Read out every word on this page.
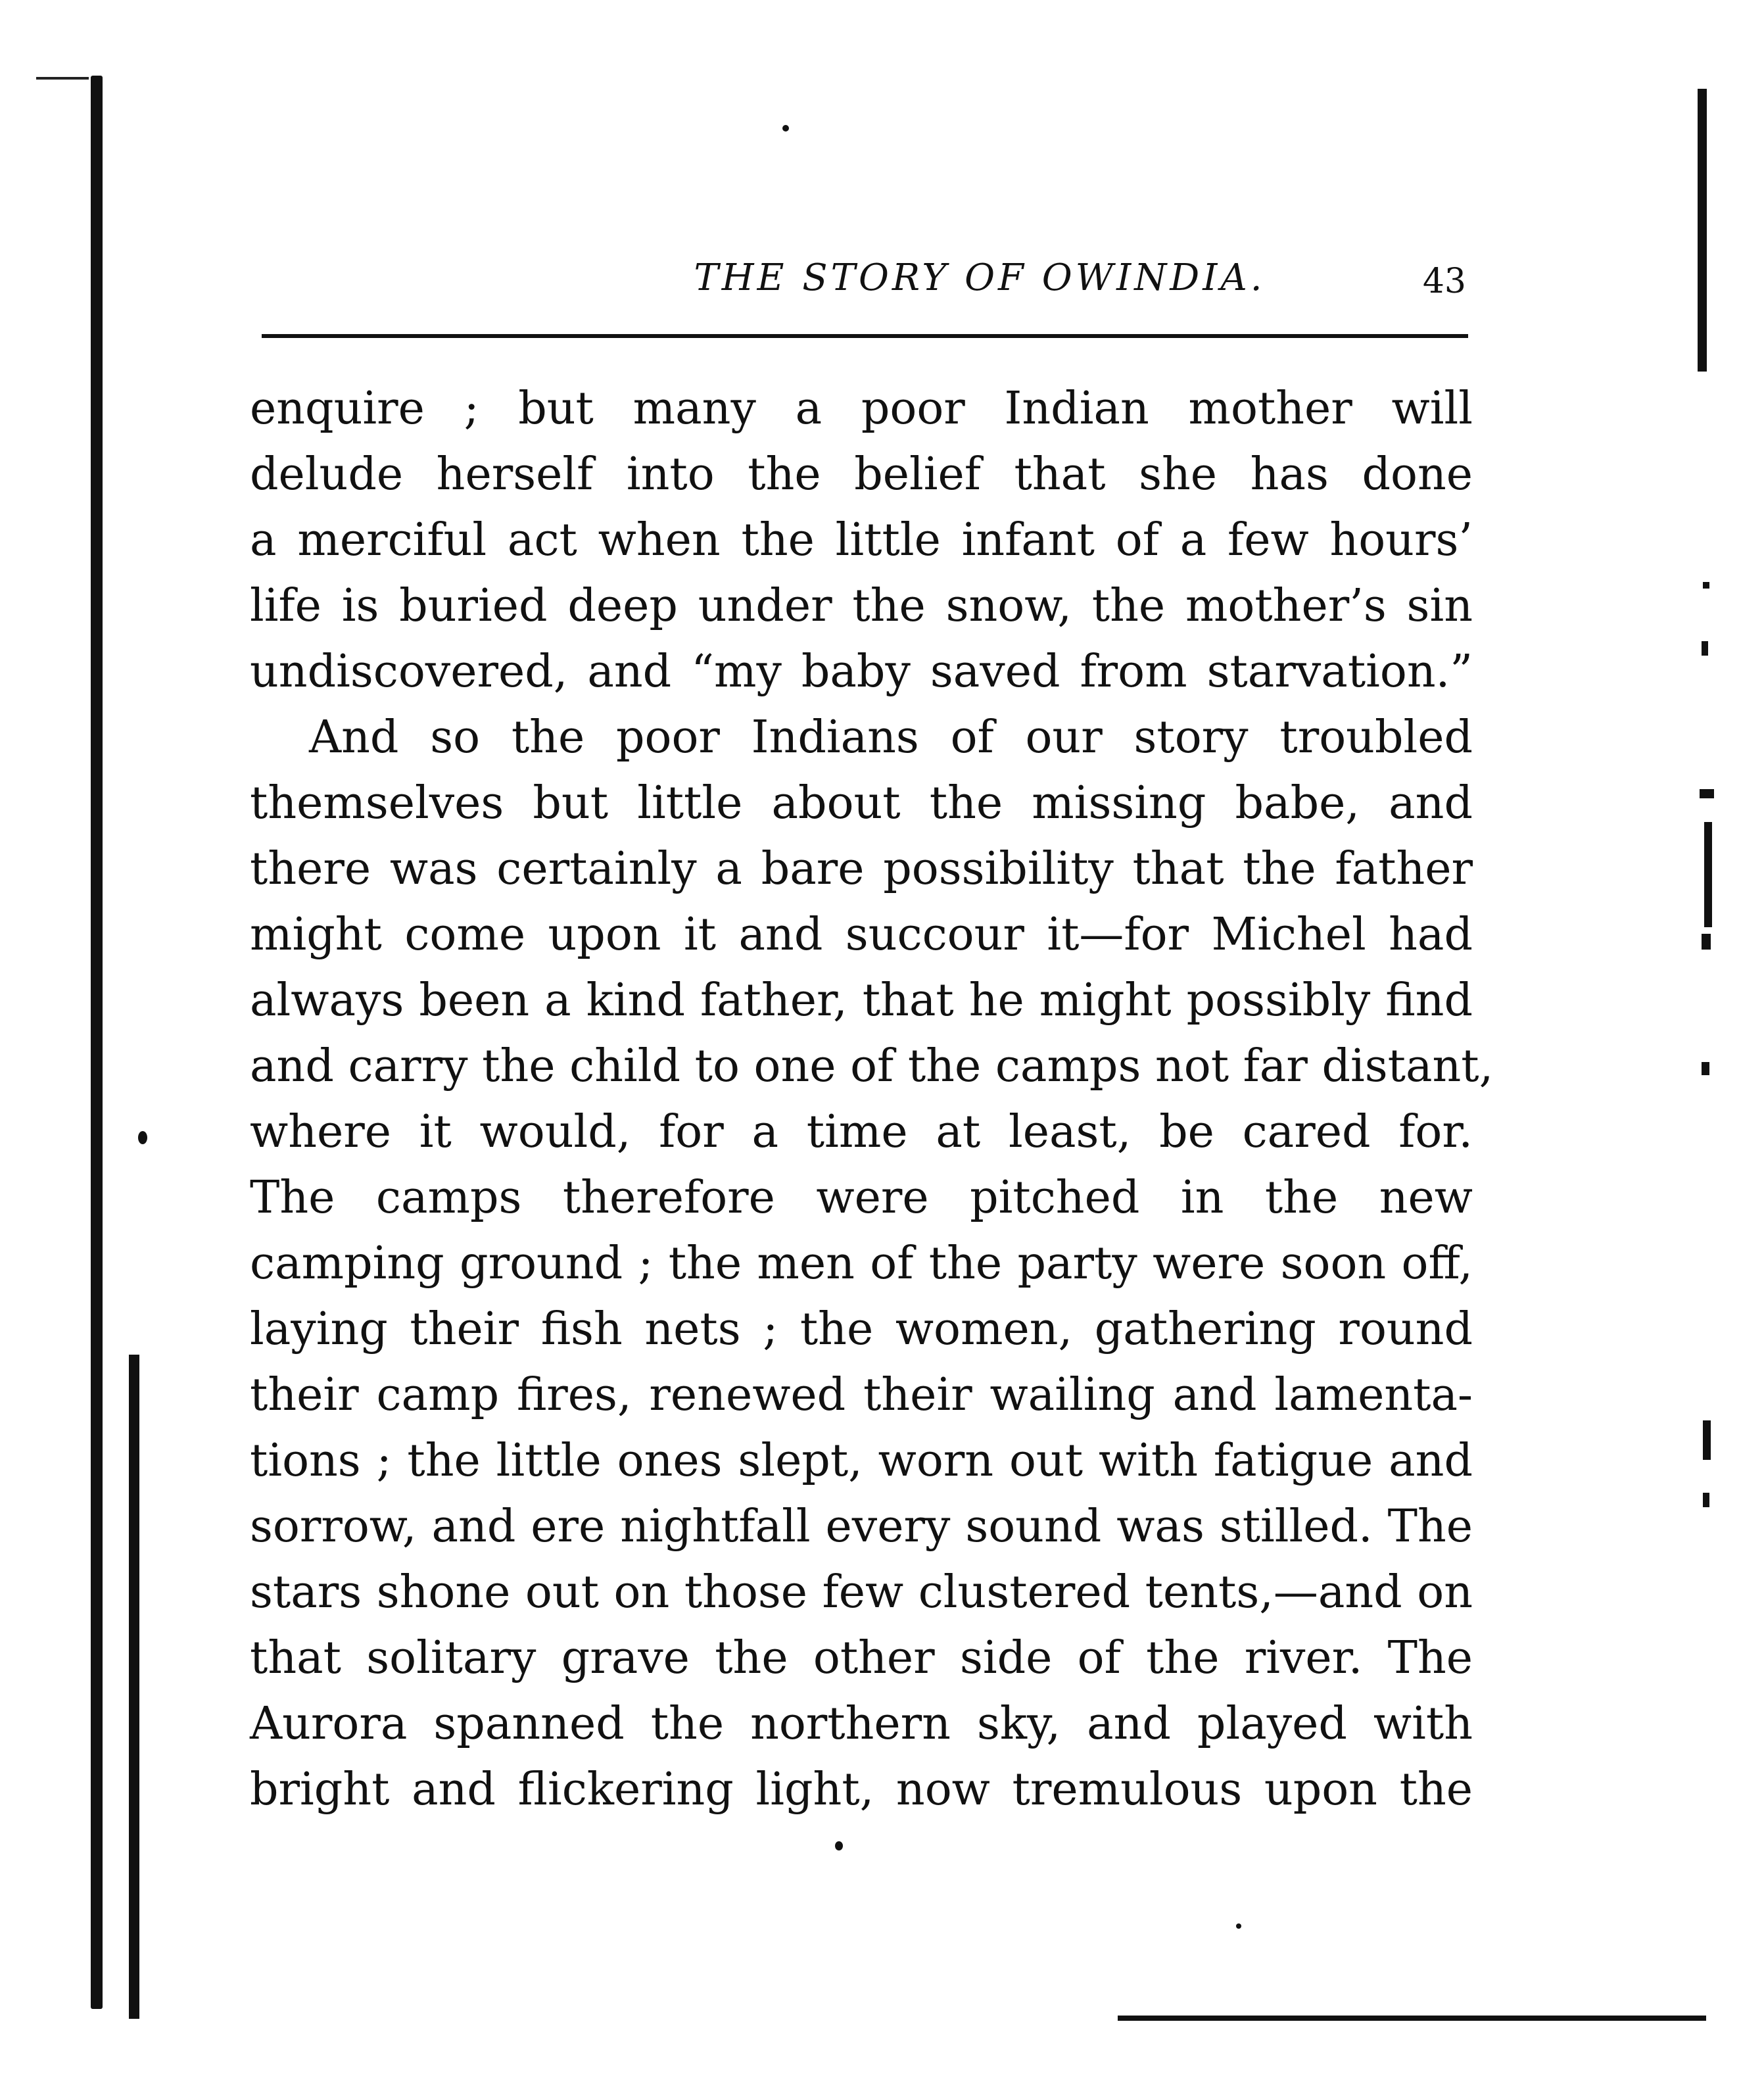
THE STORY OF OWINDIA.	43
enquire ; but many a poor Indian mother will
delude herself into the belief that she has done
a merciful act when the little infant of a few hours’
life is buried deep under the snow, the mother’s sin
undiscovered, and “my baby saved from starvation.”
And so the poor Indians of our story troubled
themselves but little about the missing babe, and
there was certainly a bare possibility that the father
might come upon it and succour it—for Michel had
always been a kind father, that he might possibly find
and carry the child to one of the camps not far distant,
where it would, for a time at least, be cared for.
The camps therefore were pitched in the new
camping ground ; the men of the party were soon off,
laying their fish nets ; the women, gathering round
their camp fires, renewed their wailing and lamenta-
tions ; the little ones slept, worn out with fatigue and
sorrow, and ere nightfall every sound was stilled. The
stars shone out on those few clustered tents,—and on
that solitary grave the other side of the river. The
Aurora spanned the northern sky, and played with
bright and flickering light, now tremulous upon the
